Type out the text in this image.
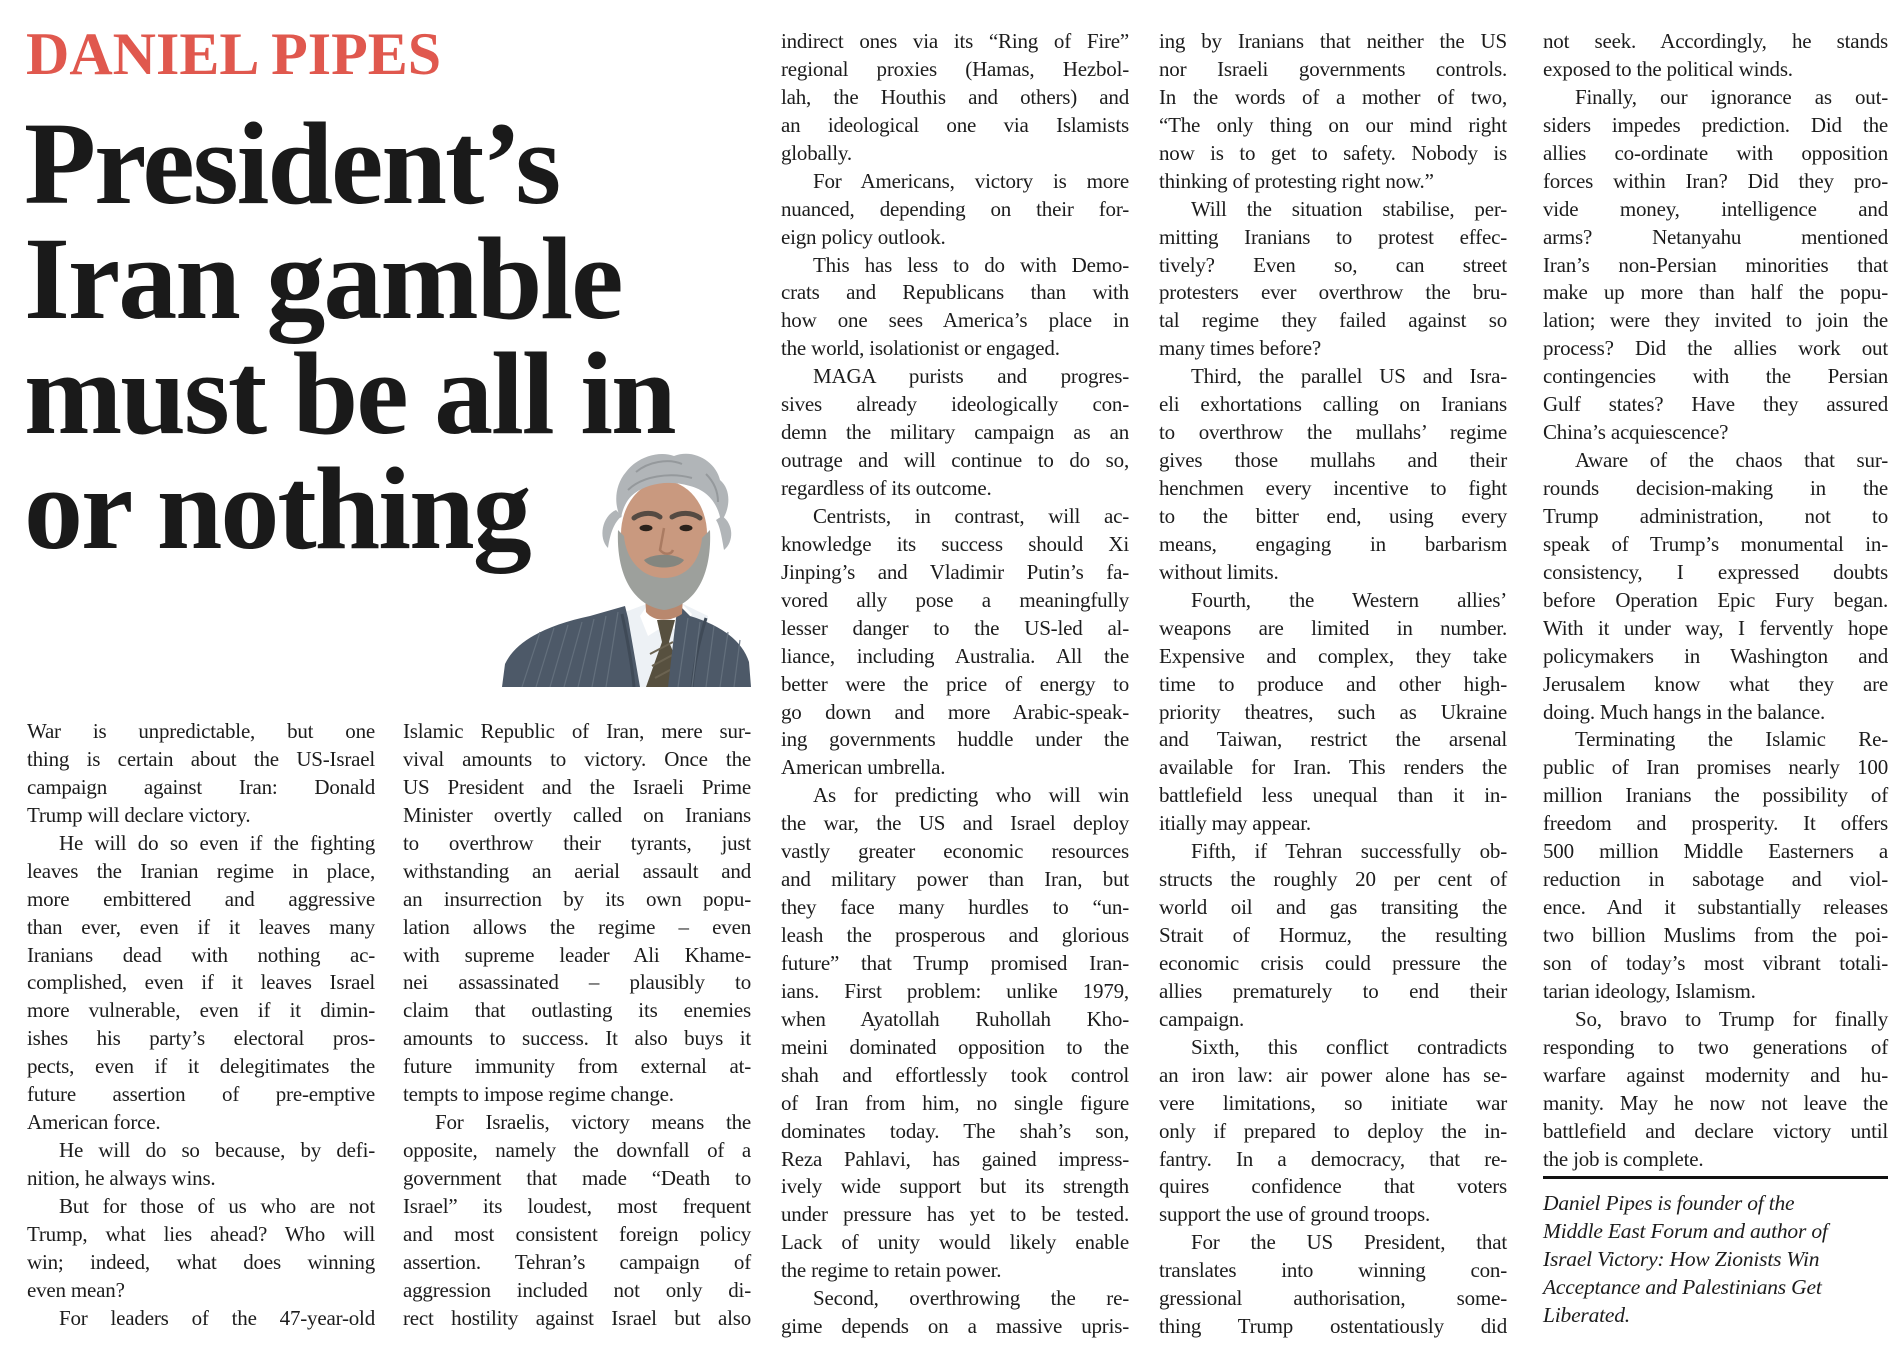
DANIEL PIPES
President’s
Iran gamble
must be all in
or nothing
War is unpredictable, but one
thing is certain about the US-Israel
campaign against Iran: Donald
Trump will declare victory.
He will do so even if the fighting
leaves the Iranian regime in place,
more embittered and aggressive
than ever, even if it leaves many
Iranians dead with nothing ac-
complished, even if it leaves Israel
more vulnerable, even if it dimin-
ishes his party’s electoral pros-
pects, even if it delegitimates the
future assertion of pre-emptive
American force.
He will do so because, by defi-
nition, he always wins.
But for those of us who are not
Trump, what lies ahead? Who will
win; indeed, what does winning
even mean?
For leaders of the 47-year-old
Islamic Republic of Iran, mere sur-
vival amounts to victory. Once the
US President and the Israeli Prime
Minister overtly called on Iranians
to overthrow their tyrants, just
withstanding an aerial assault and
an insurrection by its own popu-
lation allows the regime – even
with supreme leader Ali Khame-
nei assassinated – plausibly to
claim that outlasting its enemies
amounts to success. It also buys it
future immunity from external at-
tempts to impose regime change.
For Israelis, victory means the
opposite, namely the downfall of a
government that made “Death to
Israel” its loudest, most frequent
and most consistent foreign policy
assertion. Tehran’s campaign of
aggression included not only di-
rect hostility against Israel but also
indirect ones via its “Ring of Fire”
regional proxies (Hamas, Hezbol-
lah, the Houthis and others) and
an ideological one via Islamists
globally.
For Americans, victory is more
nuanced, depending on their for-
eign policy outlook.
This has less to do with Demo-
crats and Republicans than with
how one sees America’s place in
the world, isolationist or engaged.
MAGA purists and progres-
sives already ideologically con-
demn the military campaign as an
outrage and will continue to do so,
regardless of its outcome.
Centrists, in contrast, will ac-
knowledge its success should Xi
Jinping’s and Vladimir Putin’s fa-
vored ally pose a meaningfully
lesser danger to the US-led al-
liance, including Australia. All the
better were the price of energy to
go down and more Arabic-speak-
ing governments huddle under the
American umbrella.
As for predicting who will win
the war, the US and Israel deploy
vastly greater economic resources
and military power than Iran, but
they face many hurdles to “un-
leash the prosperous and glorious
future” that Trump promised Iran-
ians. First problem: unlike 1979,
when Ayatollah Ruhollah Kho-
meini dominated opposition to the
shah and effortlessly took control
of Iran from him, no single figure
dominates today. The shah’s son,
Reza Pahlavi, has gained impress-
ively wide support but its strength
under pressure has yet to be tested.
Lack of unity would likely enable
the regime to retain power.
Second, overthrowing the re-
gime depends on a massive upris-
ing by Iranians that neither the US
nor Israeli governments controls.
In the words of a mother of two,
“The only thing on our mind right
now is to get to safety. Nobody is
thinking of protesting right now.”
Will the situation stabilise, per-
mitting Iranians to protest effec-
tively? Even so, can street
protesters ever overthrow the bru-
tal regime they failed against so
many times before?
Third, the parallel US and Isra-
eli exhortations calling on Iranians
to overthrow the mullahs’ regime
gives those mullahs and their
henchmen every incentive to fight
to the bitter end, using every
means, engaging in barbarism
without limits.
Fourth, the Western allies’
weapons are limited in number.
Expensive and complex, they take
time to produce and other high-
priority theatres, such as Ukraine
and Taiwan, restrict the arsenal
available for Iran. This renders the
battlefield less unequal than it in-
itially may appear.
Fifth, if Tehran successfully ob-
structs the roughly 20 per cent of
world oil and gas transiting the
Strait of Hormuz, the resulting
economic crisis could pressure the
allies prematurely to end their
campaign.
Sixth, this conflict contradicts
an iron law: air power alone has se-
vere limitations, so initiate war
only if prepared to deploy the in-
fantry. In a democracy, that re-
quires confidence that voters
support the use of ground troops.
For the US President, that
translates into winning con-
gressional authorisation, some-
thing Trump ostentatiously did
not seek. Accordingly, he stands
exposed to the political winds.
Finally, our ignorance as out-
siders impedes prediction. Did the
allies co-ordinate with opposition
forces within Iran? Did they pro-
vide money, intelligence and
arms? Netanyahu mentioned
Iran’s non-Persian minorities that
make up more than half the popu-
lation; were they invited to join the
process? Did the allies work out
contingencies with the Persian
Gulf states? Have they assured
China’s acquiescence?
Aware of the chaos that sur-
rounds decision-making in the
Trump administration, not to
speak of Trump’s monumental in-
consistency, I expressed doubts
before Operation Epic Fury began.
With it under way, I fervently hope
policymakers in Washington and
Jerusalem know what they are
doing. Much hangs in the balance.
Terminating the Islamic Re-
public of Iran promises nearly 100
million Iranians the possibility of
freedom and prosperity. It offers
500 million Middle Easterners a
reduction in sabotage and viol-
ence. And it substantially releases
two billion Muslims from the poi-
son of today’s most vibrant totali-
tarian ideology, Islamism.
So, bravo to Trump for finally
responding to two generations of
warfare against modernity and hu-
manity. May he now not leave the
battlefield and declare victory until
the job is complete.
Daniel Pipes is founder of the
Middle East Forum and author of
Israel Victory: How Zionists Win
Acceptance and Palestinians Get
Liberated.
